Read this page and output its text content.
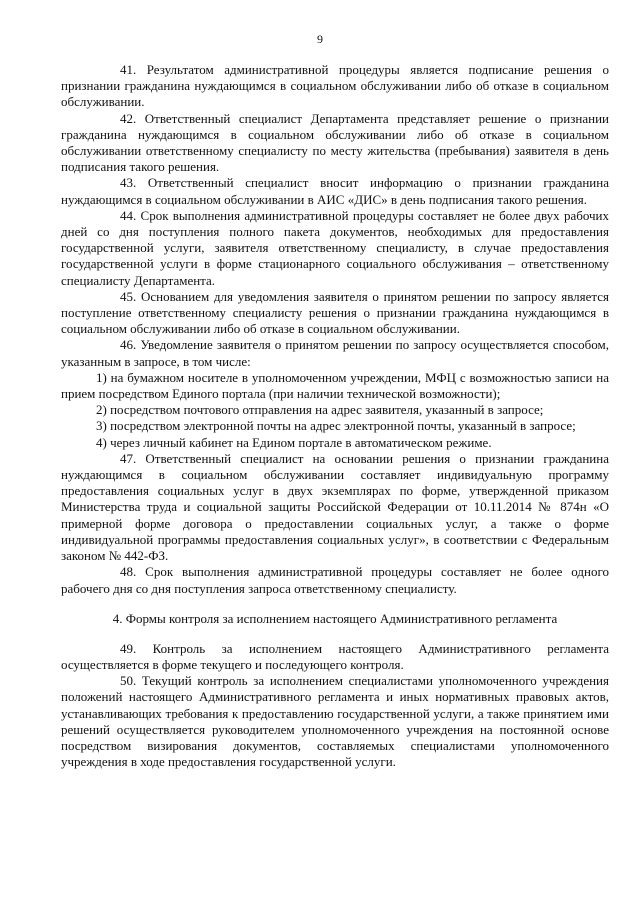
9

41. Результатом административной процедуры является подписание решения о признании гражданина нуждающимся в социальном обслуживании либо об отказе в социальном обслуживании.

42. Ответственный специалист Департамента представляет решение о признании гражданина нуждающимся в социальном обслуживании либо об отказе в социальном обслуживании ответственному специалисту по месту жительства (пребывания) заявителя в день подписания такого решения.

43. Ответственный специалист вносит информацию о признании гражданина нуждающимся в социальном обслуживании в АИС «ДИС» в день подписания такого решения.

44. Срок выполнения административной процедуры составляет не более двух рабочих дней со дня поступления полного пакета документов, необходимых для предоставления государственной услуги, заявителя ответственному специалисту, в случае предоставления государственной услуги в форме стационарного социального обслуживания – ответственному специалисту Департамента.

45. Основанием для уведомления заявителя о принятом решении по запросу является поступление ответственному специалисту решения о признании гражданина нуждающимся в социальном обслуживании либо об отказе в социальном обслуживании.

46. Уведомление заявителя о принятом решении по запросу осуществляется способом, указанным в запросе, в том числе:

1) на бумажном носителе в уполномоченном учреждении, МФЦ с возможностью записи на прием посредством Единого портала (при наличии технической возможности);

2) посредством почтового отправления на адрес заявителя, указанный в запросе;

3) посредством электронной почты на адрес электронной почты, указанный в запросе;

4) через личный кабинет на Едином портале в автоматическом режиме.

47. Ответственный специалист на основании решения о признании гражданина нуждающимся в социальном обслуживании составляет индивидуальную программу предоставления социальных услуг в двух экземплярах по форме, утвержденной приказом Министерства труда и социальной защиты Российской Федерации от 10.11.2014 № 874н «О примерной форме договора о предоставлении социальных услуг, а также о форме индивидуальной программы предоставления социальных услуг», в соответствии с Федеральным законом № 442-ФЗ.

48. Срок выполнения административной процедуры составляет не более одного рабочего дня со дня поступления запроса ответственному специалисту.

4. Формы контроля за исполнением настоящего Административного регламента

49. Контроль за исполнением настоящего Административного регламента осуществляется в форме текущего и последующего контроля.

50. Текущий контроль за исполнением специалистами уполномоченного учреждения положений настоящего Административного регламента и иных нормативных правовых актов, устанавливающих требования к предоставлению государственной услуги, а также принятием ими решений осуществляется руководителем уполномоченного учреждения на постоянной основе посредством визирования документов, составляемых специалистами уполномоченного учреждения в ходе предоставления государственной услуги.
